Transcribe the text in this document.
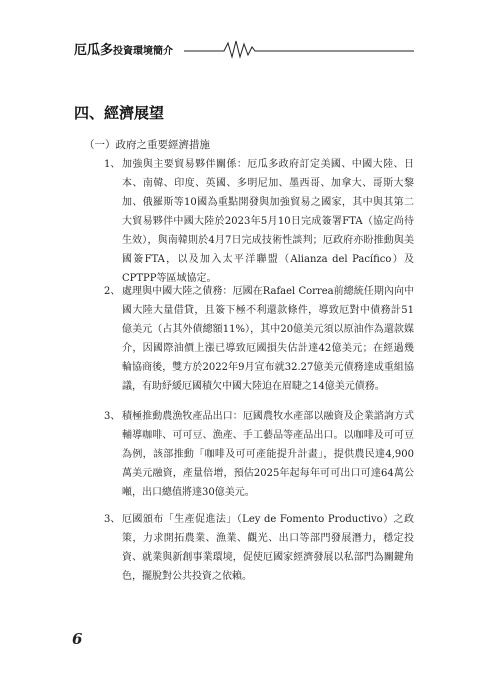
厄瓜多投資環境簡介
四、經濟展望
（一）政府之重要經濟措施
1、 加強與主要貿易夥伴關係：厄瓜多政府訂定美國、中國大陸、日本、南韓、印度、英國、多明尼加、墨西哥、加拿大、哥斯大黎加、俄羅斯等10國為重點開發與加強貿易之國家，其中與其第二大貿易夥伴中國大陸於2023年5月10日完成簽署FTA（協定尚待生效），與南韓則於4月7日完成技術性談判；厄政府亦盼推動與美國簽FTA，以及加入太平洋聯盟（Alianza del Pacífico）及CPTPP等區域協定。
2、 處理與中國大陸之債務：厄國在Rafael Correa前總統任期內向中國大陸大量借貸，且簽下極不利還款條件，導致厄對中債務計51億美元（占其外債總額11%），其中20億美元須以原油作為還款媒介，因國際油價上漲已導致厄國損失估計達42億美元；在經過幾輪協商後，雙方於2022年9月宣布就32.27億美元債務達成重組協議，有助紓緩厄國積欠中國大陸迫在眉睫之14億美元債務。
3、 積極推動農漁牧產品出口：厄國農牧水產部以融資及企業諮詢方式輔導咖啡、可可豆、漁產、手工藝品等產品出口。以咖啡及可可豆為例，該部推動「咖啡及可可產能提升計畫」，提供農民達4,900萬美元融資，產量倍增，預估2025年起每年可可出口可達64萬公噸，出口總值將達30億美元。
3、 厄國頒布「生產促進法」（Ley de Fomento Productivo）之政策，力求開拓農業、漁業、觀光、出口等部門發展潛力，穩定投資、就業與新創事業環境，促使厄國家經濟發展以私部門為關鍵角色，擺脫對公共投資之依賴。
6
